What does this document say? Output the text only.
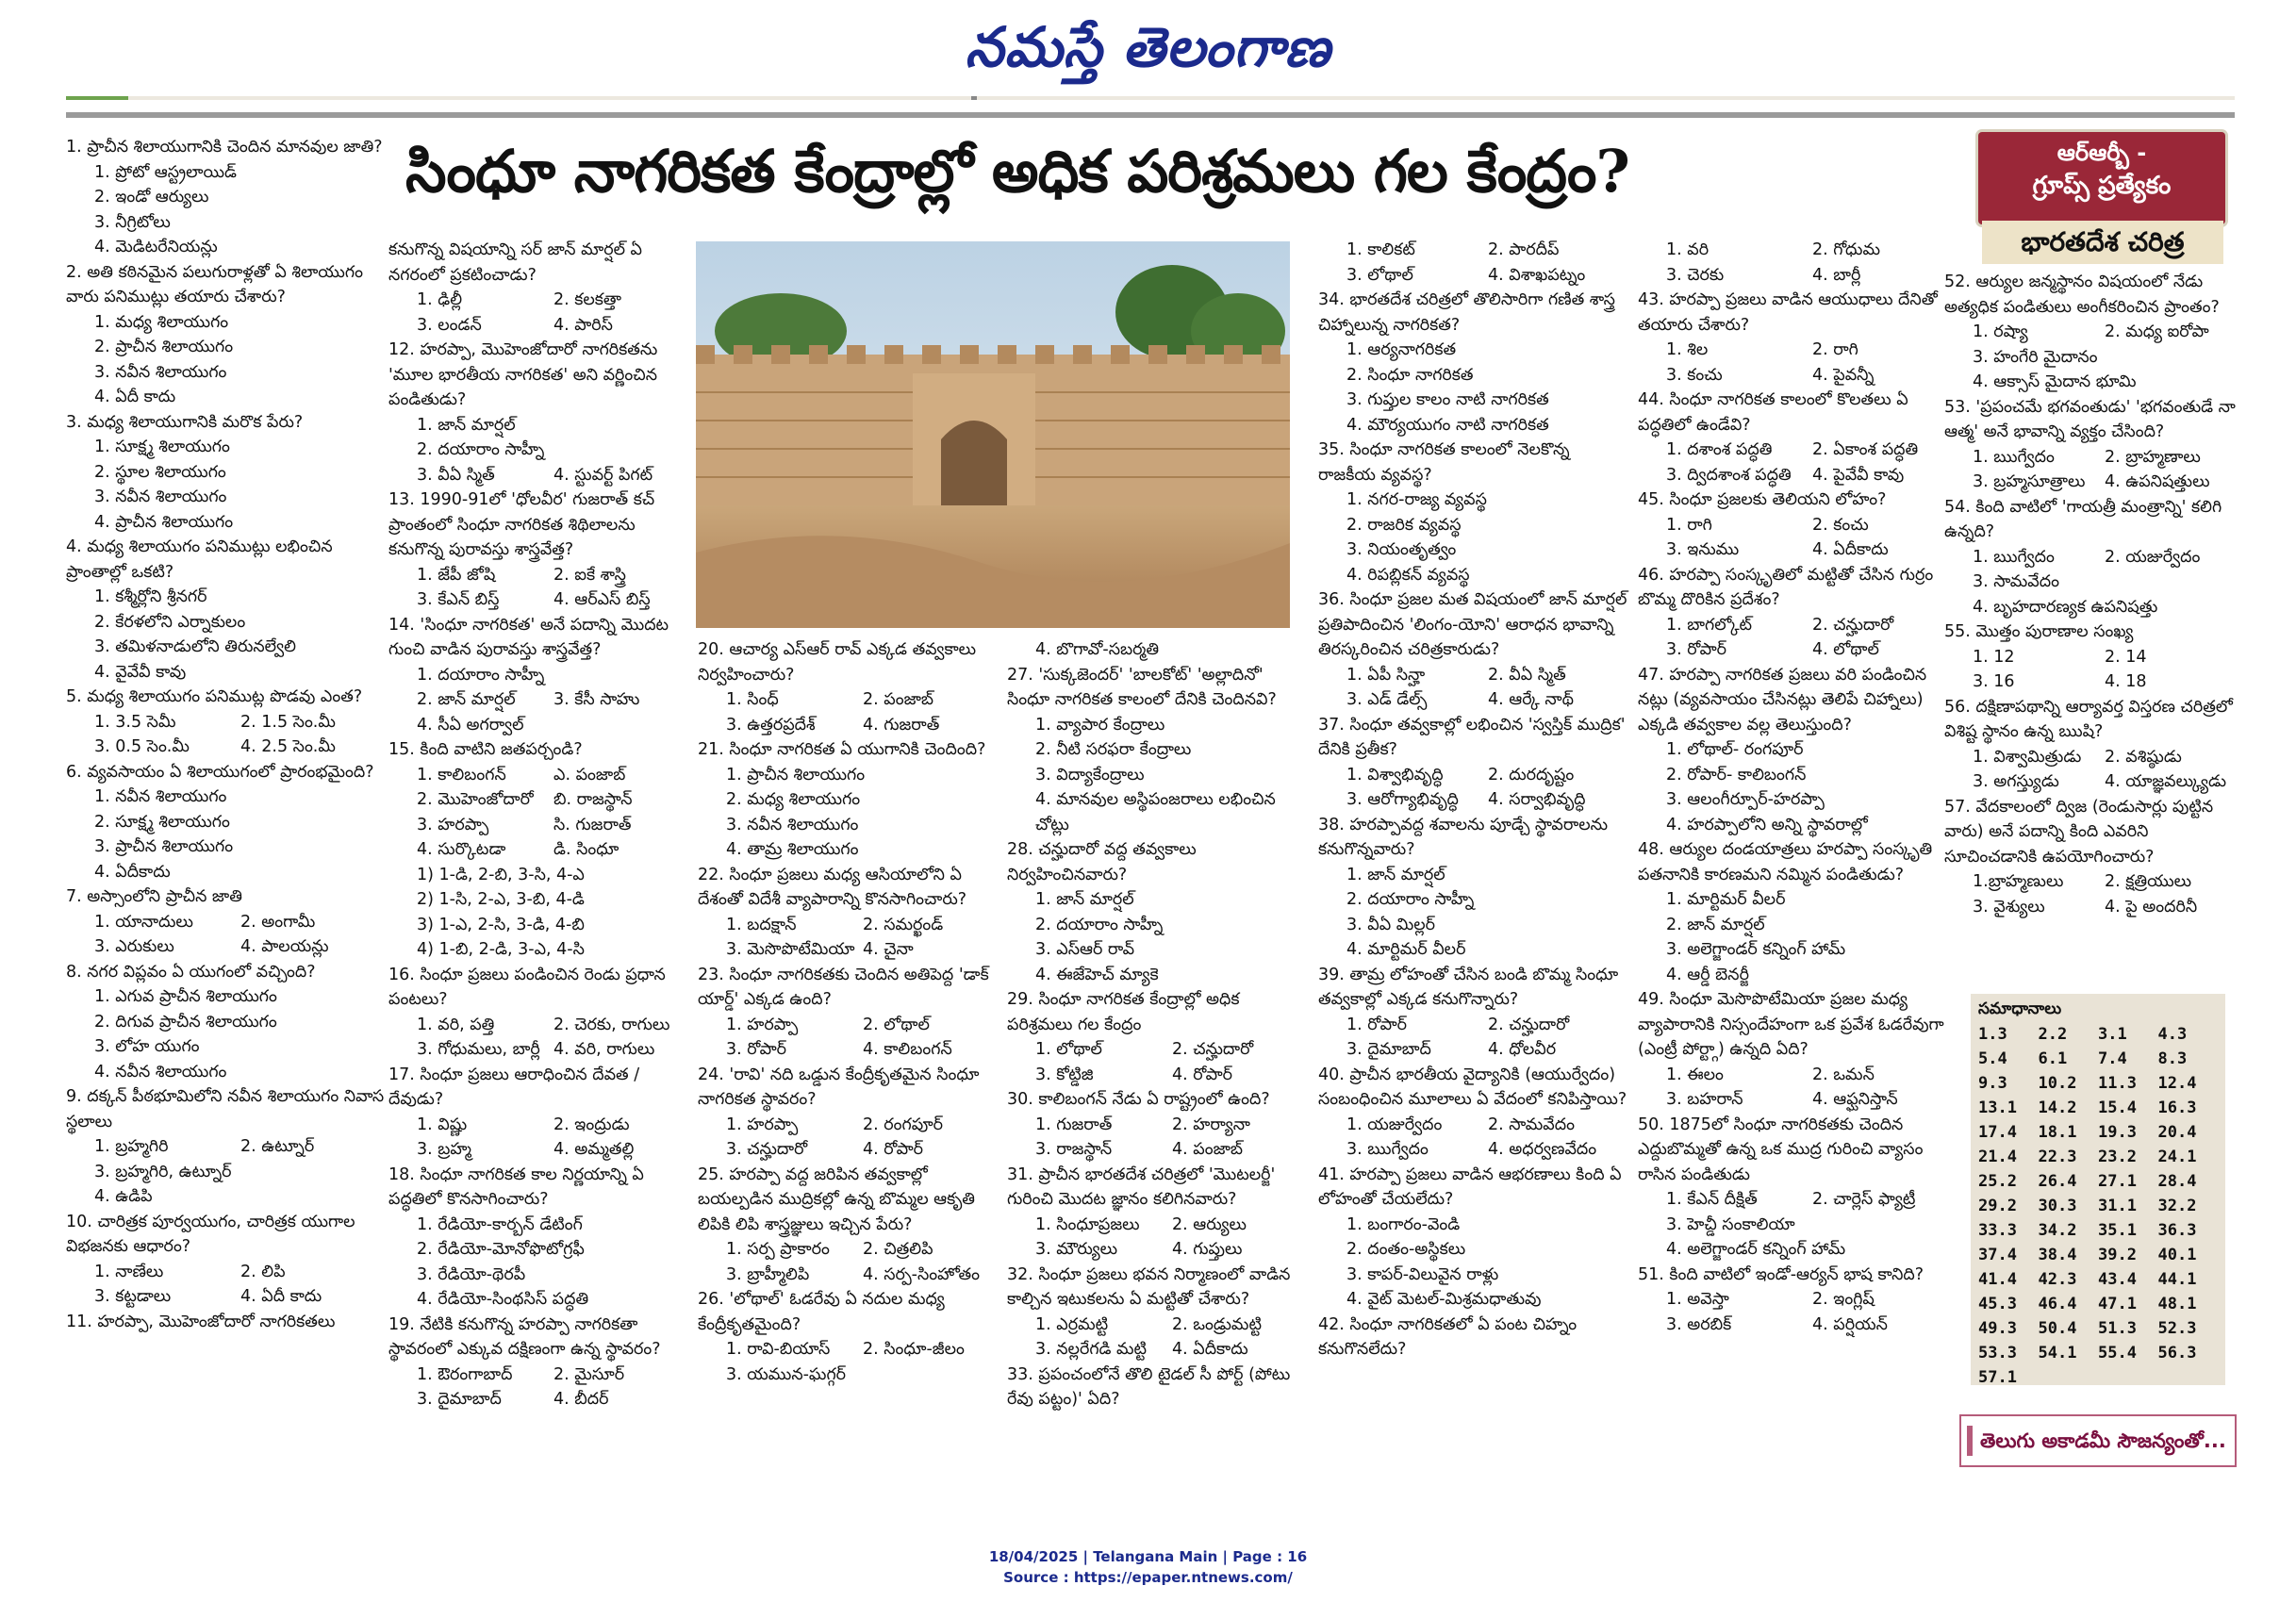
నమస్తే తెలంగాణ
సింధూ నాగరికత కేంద్రాల్లో అధిక పరిశ్రమలు గల కేంద్రం?
1. ప్రాచీన శిలాయుగానికి చెందిన మానవుల జాతి?
1. ప్రోటో ఆస్ట్రలాయిడ్
2. ఇండో ఆర్యులు
3. నీగ్రిటోలు
4. మెడిటరేనియన్లు
2. అతి కఠినమైన పలుగురాళ్లతో ఏ శిలాయుగం వారు పనిముట్లు తయారు చేశారు?
1. మధ్య శిలాయుగం
2. ప్రాచీన శిలాయుగం
3. నవీన శిలాయుగం
4. ఏదీ కాదు
3. మధ్య శిలాయుగానికి మరొక పేరు?
1. సూక్ష్మ శిలాయుగం
2. స్థూల శిలాయుగం
3. నవీన శిలాయుగం
4. ప్రాచీన శిలాయుగం
4. మధ్య శిలాయుగం పనిముట్లు లభించిన ప్రాంతాల్లో ఒకటి?
1. కశ్మీర్లోని శ్రీనగర్
2. కేరళలోని ఎర్నాకులం
3. తమిళనాడులోని తిరునల్వేలి
4. వైవేవీ కావు
5. మధ్య శిలాయుగం పనిముట్ల పొడవు ఎంత?
1. 3.5 సెమీ	2. 1.5 సెం.మీ
3. 0.5 సెం.మీ	4. 2.5 సెం.మీ
6. వ్యవసాయం ఏ శిలాయుగంలో ప్రారంభమైంది?
1. నవీన శిలాయుగం
2. సూక్ష్మ శిలాయుగం
3. ప్రాచీన శిలాయుగం
4. ఏదీకాదు
7. అస్సాంలోని ప్రాచీన జాతి
1. యానాదులు	2. అంగామీ
3. ఎరుకులు	4. పాలయన్లు
8. నగర విప్లవం ఏ యుగంలో వచ్చింది?
1. ఎగువ ప్రాచీన శిలాయుగం
2. దిగువ ప్రాచీన శిలాయుగం
3. లోహ యుగం
4. నవీన శిలాయుగం
9. దక్కన్ పీఠభూమిలోని నవీన శిలాయుగం నివాస స్థలాలు
1. బ్రహ్మగిరి	2. ఉట్నూర్
3. బ్రహ్మగిరి, ఉట్నూర్
4. ఉడిపి
10. చారిత్రక పూర్వయుగం, చారిత్రక యుగాల విభజనకు ఆధారం?
1. నాణేలు	2. లిపి
3. కట్టడాలు	4. ఏదీ కాదు
11. హరప్పా, మొహెంజోదారో నాగరికతలు
కనుగొన్న విషయాన్ని సర్ జాన్ మార్షల్ ఏ నగరంలో ప్రకటించాడు?
1. ఢిల్లీ	2. కలకత్తా
3. లండన్	4. పారిస్
12. హరప్పా, మొహెంజోదారో నాగరికతను 'మూల భారతీయ నాగరికత' అని వర్ణించిన పండితుడు?
1. జాన్ మార్షల్
2. దయారాం సాహ్నీ
3. వీఏ స్మిత్	4. స్టువర్ట్ పిగట్
13. 1990-91లో 'ధోలవీర' గుజరాత్ కచ్ ప్రాంతంలో సింధూ నాగరికత శిథిలాలను కనుగొన్న పురావస్తు శాస్త్రవేత్త?
1. జేపీ జోషి	2. ఐకే శాస్త్రి
3. కేఎన్ బిస్త్	4. ఆర్ఎస్ బిస్త్
14. 'సింధూ నాగరికత' అనే పదాన్ని మొదట గుంచి వాడిన పురావస్తు శాస్త్రవేత్త?
1. దయారాం సాహ్నీ
2. జాన్ మార్షల్	3. కేసీ సాహు
4. సీఏ అగర్వాల్
15. కింది వాటిని జతపర్చండి?
1. కాలిబంగన్	ఎ. పంజాబ్
2. మొహెంజోదారో	బి. రాజస్థాన్
3. హరప్పా	సి. గుజరాత్
4. సుర్కొటడా	డి. సింధూ
1) 1-డి, 2-బి, 3-సి, 4-ఎ
2) 1-సి, 2-ఎ, 3-బి, 4-డి
3) 1-ఎ, 2-సి, 3-డి, 4-బి
4) 1-బి, 2-డి, 3-ఎ, 4-సి
16. సింధూ ప్రజలు పండించిన రెండు ప్రధాన పంటలు?
1. వరి, పత్తి	2. చెరకు, రాగులు
3. గోధుమలు, బార్లీ 4. వరి, రాగులు
17. సింధూ ప్రజలు ఆరాధించిన దేవత /దేవుడు?
1. విష్ణు	2. ఇంద్రుడు
3. బ్రహ్మ	4. అమ్మతల్లి
18. సింధూ నాగరికత కాల నిర్ణయాన్ని ఏ పద్ధతిలో కొనసాగించారు?
1. రేడియో-కార్బన్ డేటింగ్
2. రేడియో-మోనోఫొటోగ్రఫీ
3. రేడియో-థెరపీ
4. రేడియో-సింథసిస్ పద్ధతి
19. నేటికి కనుగొన్న హరప్పా నాగరికతా స్థావరంలో ఎక్కువ దక్షిణంగా ఉన్న స్థావరం?
1. ఔరంగాబాద్	2. మైసూర్
3. దైమాబాద్	4. బీదర్
20. ఆచార్య ఎస్ఆర్ రావ్ ఎక్కడ తవ్వకాలు నిర్వహించారు?
1. సింధ్	2. పంజాబ్
3. ఉత్తరప్రదేశ్	4. గుజరాత్
21. సింధూ నాగరికత ఏ యుగానికి చెందింది?
1. ప్రాచీన శిలాయుగం
2. మధ్య శిలాయుగం
3. నవీన శిలాయుగం
4. తామ్ర శిలాయుగం
22. సింధూ ప్రజలు మధ్య ఆసియాలోని ఏ దేశంతో విదేశీ వ్యాపారాన్ని కొనసాగించారు?
1. బదక్షాన్	2. సమర్ఖండ్
3. మెసొపొటేమియా 4. చైనా
23. సింధూ నాగరికతకు చెందిన అతిపెద్ద 'డాక్ యార్డ్' ఎక్కడ ఉంది?
1. హరప్పా	2. లోథాల్
3. రోపార్	4. కాలిబంగన్
24. 'రావి' నది ఒడ్డున కేంద్రీకృతమైన సింధూ నాగరికత స్థావరం?
1. హరప్పా	2. రంగపూర్
3. చన్హుదారో	4. రోపార్
25. హరప్పా వద్ద జరిపిన తవ్వకాల్లో బయల్పడిన ముద్రికల్లో ఉన్న బొమ్మల ఆకృతి లిపికి లిపి శాస్త్రజ్ఞులు ఇచ్చిన పేరు?
1. సర్ప ప్రాకారం	2. చిత్రలిపి
3. బ్రాహ్మీలిపి	4. సర్ప-సింహోతం
26. 'లోథాల్' ఓడరేవు ఏ నదుల మధ్య కేంద్రీకృతమైంది?
1. రావి-బియాస్	2. సింధూ-జీలం
3. యమున-ఘగ్గర్
4. బొగావో-సబర్మతి
27. 'సుక్కజెందర్' 'బాలకోట్' 'అల్లాదినో' సింధూ నాగరికత కాలంలో దేనికి చెందినవి?
1. వ్యాపార కేంద్రాలు
2. నీటి సరఫరా కేంద్రాలు
3. విద్యాకేంద్రాలు
4. మానవుల అస్థిపంజరాలు లభించిన చోట్లు
28. చన్హుదారో వద్ద తవ్వకాలు నిర్వహించినవారు?
1. జాన్ మార్షల్
2. దయారాం సాహ్నీ
3. ఎస్ఆర్ రావ్
4. ఈజేహెచ్ మ్యాకె
29. సింధూ నాగరికత కేంద్రాల్లో అధిక పరిశ్రమలు గల కేంద్రం
1. లోథాల్	2. చన్హుదారో
3. కోట్డిజి	4. రోపార్
30. కాలిబంగన్ నేడు ఏ రాష్ట్రంలో ఉంది?
1. గుజరాత్	2. హర్యానా
3. రాజస్థాన్	4. పంజాబ్
31. ప్రాచీన భారతదేశ చరిత్రలో 'మొటలర్జీ' గురించి మొదట జ్ఞానం కలిగినవారు?
1. సింధూప్రజలు	2. ఆర్యులు
3. మౌర్యులు	4. గుప్తులు
32. సింధూ ప్రజలు భవన నిర్మాణంలో వాడిన కాల్చిన ఇటుకలను ఏ మట్టితో చేశారు?
1. ఎర్రమట్టి	2. ఒండ్రుమట్టి
3. నల్లరేగడి మట్టి	4. ఏదీకాదు
33. ప్రపంచంలోనే తొలి టైడల్ సీ పోర్ట్ (పోటు రేవు పట్టం)' ఏది?
1. కాలికట్	2. పారదీప్
3. లోథాల్	4. విశాఖపట్నం
34. భారతదేశ చరిత్రలో తొలిసారిగా గణిత శాస్త్ర చిహ్నాలున్న నాగరికత?
1. ఆర్యనాగరికత
2. సింధూ నాగరికత
3. గుప్తుల కాలం నాటి నాగరికత
4. మౌర్యయుగం నాటి నాగరికత
35. సింధూ నాగరికత కాలంలో నెలకొన్న రాజకీయ వ్యవస్థ?
1. నగర-రాజ్య వ్యవస్థ
2. రాజరిక వ్యవస్థ
3. నియంతృత్వం
4. రిపబ్లికన్ వ్యవస్థ
36. సింధూ ప్రజల మత విషయంలో జాన్ మార్షల్ ప్రతిపాదించిన 'లింగం-యోని' ఆరాధన భావాన్ని తిరస్కరించిన చరిత్రకారుడు?
1. ఏపీ సిన్హా	2. వీఏ స్మిత్
3. ఎడ్ డేల్స్	4. ఆర్కే నాథ్
37. సింధూ తవ్వకాల్లో లభించిన 'స్వస్తిక్ ముద్రిక' దేనికి ప్రతీక?
1. విశ్వాభివృద్ధి	2. దురదృష్టం
3. ఆరోగ్యాభివృద్ధి	4. సర్వాభివృద్ధి
38. హరప్పావద్ద శవాలను పూడ్చే స్థావరాలను కనుగొన్నవారు?
1. జాన్ మార్షల్
2. దయారాం సాహ్నీ
3. వీఏ మిల్లర్
4. మార్టిమర్ వీలర్
39. తామ్ర లోహంతో చేసిన బండి బొమ్మ సింధూ తవ్వకాల్లో ఎక్కడ కనుగొన్నారు?
1. రోపార్	2. చన్హుదారో
3. దైమాబాద్	4. ధోలవీర
40. ప్రాచీన భారతీయ వైద్యానికి (ఆయుర్వేదం) సంబంధించిన మూలాలు ఏ వేదంలో కనిపిస్తాయి?
1. యజుర్వేదం	2. సామవేదం
3. ఋగ్వేదం	4. అధర్వణవేదం
41. హరప్పా ప్రజలు వాడిన ఆభరణాలు కింది ఏ లోహంతో చేయలేదు?
1. బంగారం-వెండి
2. దంతం-అస్థికలు
3. కాపర్-విలువైన రాళ్లు
4. వైట్ మెటల్-మిశ్రమధాతువు
42. సింధూ నాగరికతలో ఏ పంట చిహ్నం కనుగొనలేదు?
1. వరి	2. గోధుమ
3. చెరకు	4. బార్లీ
43. హరప్పా ప్రజలు వాడిన ఆయుధాలు దేనితో తయారు చేశారు?
1. శిల	2. రాగి
3. కంచు	4. పైవన్నీ
44. సింధూ నాగరికత కాలంలో కొలతలు ఏ పద్ధతిలో ఉండేవి?
1. దశాంశ పద్ధతి	2. ఏకాంశ పద్ధతి
3. ద్విదశాంశ పద్ధతి	4. పైవేవీ కావు
45. సింధూ ప్రజలకు తెలియని లోహం?
1. రాగి	2. కంచు
3. ఇనుము	4. ఏదీకాదు
46. హరప్పా సంస్కృతిలో మట్టితో చేసిన గుర్రం బొమ్మ దొరికిన ప్రదేశం?
1. బాగల్కోట్	2. చన్హుదారో
3. రోపార్	4. లోథాల్
47. హరప్పా నాగరికత ప్రజలు వరి పండించిన నట్లు (వ్యవసాయం చేసినట్లు తెలిపే చిహ్నాలు) ఎక్కడి తవ్వకాల వల్ల తెలుస్తుంది?
1. లోథాల్- రంగపూర్
2. రోపార్- కాలిబంగన్
3. ఆలంగీర్పూర్-హరప్పా
4. హరప్పాలోని అన్ని స్థావరాల్లో
48. ఆర్యుల దండయాత్రలు హరప్పా సంస్కృతి పతనానికి కారణమని నమ్మిన పండితుడు?
1. మార్టిమర్ వీలర్
2. జాన్ మార్షల్
3. అలెగ్జాండర్ కన్నింగ్ హామ్
4. ఆర్డీ బెనర్జీ
49. సింధూ మెసొపొటేమియా ప్రజల మధ్య వ్యాపారానికి నిస్సందేహంగా ఒక ప్రవేశ ఓడరేవుగా (ఎంట్రీ పోర్ట్గా) ఉన్నది ఏది?
1. ఈలం	2. ఒమన్
3. బహరాన్	4. ఆఫ్ఘనిస్తాన్
50. 1875లో సింధూ నాగరికతకు చెందిన ఎద్దుబొమ్మతో ఉన్న ఒక ముద్ర గురించి వ్యాసం రాసిన పండితుడు
1. కేఎన్ దీక్షిత్	2. చార్లెస్ ఫ్యాట్రీ
3. హెచ్డీ సంకాలియా
4. అలెగ్జాండర్ కన్నింగ్ హామ్
51. కింది వాటిలో ఇండో-ఆర్యన్ భాష కానిది?
1. అవెస్తా	2. ఇంగ్లిష్
3. అరబిక్	4. పర్షియన్
52. ఆర్యుల జన్మస్థానం విషయంలో నేడు అత్యధిక పండితులు అంగీకరించిన ప్రాంతం?
1. రష్యా	2. మధ్య ఐరోపా
3. హంగేరి మైదానం
4. ఆక్సాస్ మైదాన భూమి
53. 'ప్రపంచమే భగవంతుడు' 'భగవంతుడే నా ఆత్మ' అనే భావాన్ని వ్యక్తం చేసింది?
1. ఋగ్వేదం	2. బ్రాహ్మణాలు
3. బ్రహ్మసూత్రాలు	4. ఉపనిషత్తులు
54. కింది వాటిలో 'గాయత్రీ మంత్రాన్ని' కలిగి ఉన్నది?
1. ఋగ్వేదం	2. యజుర్వేదం
3. సామవేదం
4. బృహదారణ్యక ఉపనిషత్తు
55. మొత్తం పురాణాల సంఖ్య
1. 12	2. 14
3. 16	4. 18
56. దక్షిణాపథాన్ని ఆర్యావర్త విస్తరణ చరిత్రలో విశిష్ట స్థానం ఉన్న ఋషి?
1. విశ్వామిత్రుడు	2. వశిష్ఠుడు
3. అగస్త్యుడు	4. యాజ్ఞవల్క్యుడు
57. వేదకాలంలో ద్విజ (రెండుసార్లు పుట్టిన వారు) అనే పదాన్ని కింది ఎవరిని సూచించడానికి ఉపయోగించారు?
1.బ్రాహ్మణులు	2. క్షత్రియులు
3. వైశ్యులు	4. పై అందరినీ
ఆర్ఆర్బీ -
గ్రూప్స్ ప్రత్యేకం
భారతదేశ చరిత్ర
సమాధానాలు
1.3	2.2	3.1	4.3
5.4	6.1	7.4	8.3
9.3	10.2	11.3	12.4
13.1	14.2	15.4	16.3
17.4	18.1	19.3	20.4
21.4	22.3	23.2	24.1
25.2	26.4	27.1	28.4
29.2	30.3	31.1	32.2
33.3	34.2	35.1	36.3
37.4	38.4	39.2	40.1
41.4	42.3	43.4	44.1
45.3	46.4	47.1	48.1
49.3	50.4	51.3	52.3
53.3	54.1	55.4	56.3
57.1			
తెలుగు అకాడమీ సౌజన్యంతో...
18/04/2025 | Telangana Main | Page : 16
Source : https://epaper.ntnews.com/
